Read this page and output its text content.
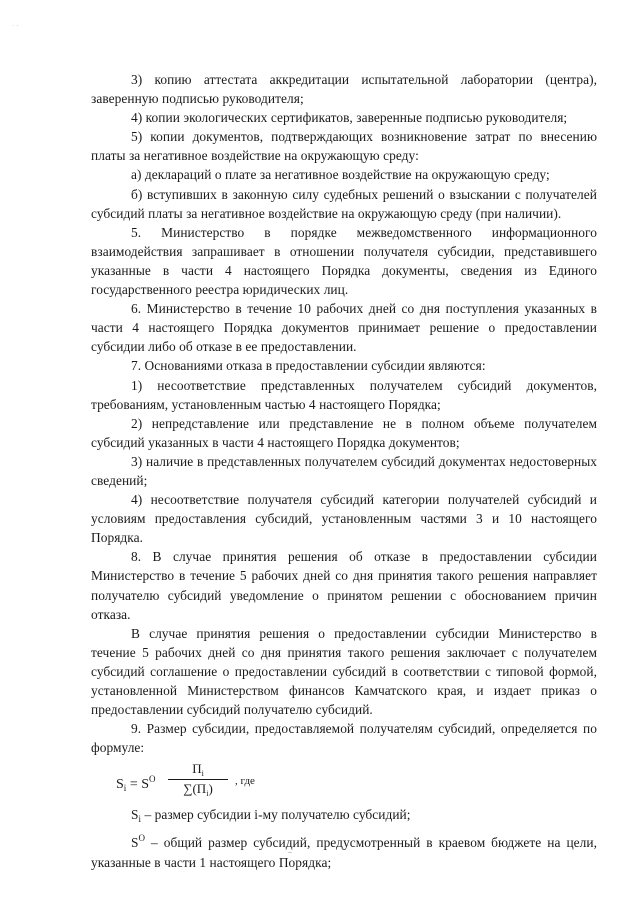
· ·

3) копию аттестата аккредитации испытательной лаборатории (центра), заверенную подписью руководителя;

4) копии экологических сертификатов, заверенные подписью руководителя;

5) копии документов, подтверждающих возникновение затрат по внесению платы за негативное воздействие на окружающую среду:

а) деклараций о плате за негативное воздействие на окружающую среду;

б) вступивших в законную силу судебных решений о взыскании с получателей субсидий платы за негативное воздействие на окружающую среду (при наличии).

5. Министерство в порядке межведомственного информационного взаимодействия запрашивает в отношении получателя субсидии, представившего указанные в части 4 настоящего Порядка документы, сведения из Единого государственного реестра юридических лиц.

6. Министерство в течение 10 рабочих дней со дня поступления указанных в части 4 настоящего Порядка документов принимает решение о предоставлении субсидии либо об отказе в ее предоставлении.

7. Основаниями отказа в предоставлении субсидии являются:

1) несоответствие представленных получателем субсидий документов, требованиям, установленным частью 4 настоящего Порядка;

2) непредставление или представление не в полном объеме получателем субсидий указанных в части 4 настоящего Порядка документов;

3) наличие в представленных получателем субсидий документах недостоверных сведений;

4) несоответствие получателя субсидий категории получателей субсидий и условиям предоставления субсидий, установленным частями 3 и 10 настоящего Порядка.

8. В случае принятия решения об отказе в предоставлении субсидии Министерство в течение 5 рабочих дней со дня принятия такого решения направляет получателю субсидий уведомление о принятом решении с обоснованием причин отказа.

В случае принятия решения о предоставлении субсидии Министерство в течение 5 рабочих дней со дня принятия такого решения заключает с получателем субсидий соглашение о предоставлении субсидий в соответствии с типовой формой, установленной Министерством финансов Камчатского края, и издает приказ о предоставлении субсидий получателю субсидий.

9. Размер субсидии, предоставляемой получателям субсидий, определяется по формуле:

$S_i = S^O$
$П_i$
$\sum(П_i)$	, где

$S_i$ – размер субсидии i-му получателю субсидий;

$S^O$ – общий размер субсидий, предусмотренный в краевом бюджете на цели, указанные в части 1 настоящего Порядка;
